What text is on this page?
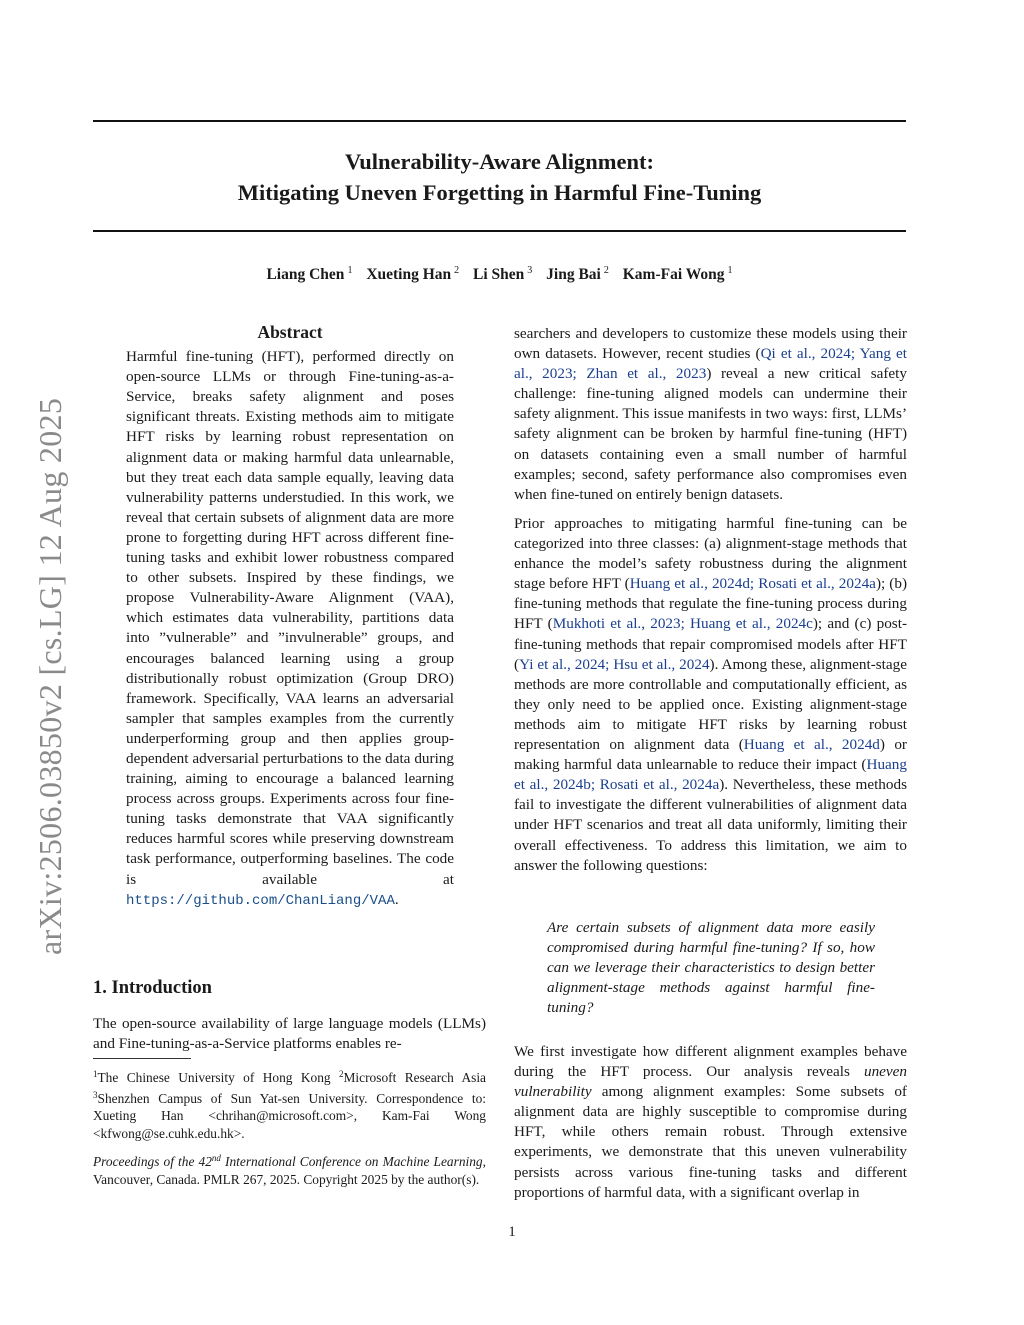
Vulnerability-Aware Alignment:
Mitigating Uneven Forgetting in Harmful Fine-Tuning
Liang Chen $^1$ Xueting Han $^2$ Li Shen $^3$ Jing Bai $^2$ Kam-Fai Wong $^1$
arXiv:2506.03850v2 [cs.LG] 12 Aug 2025
Abstract

Harmful fine-tuning (HFT), performed directly on open-source LLMs or through Fine-tuning-as-a-Service, breaks safety alignment and poses significant threats. Existing methods aim to mitigate HFT risks by learning robust representation on alignment data or making harmful data unlearnable, but they treat each data sample equally, leaving data vulnerability patterns understudied. In this work, we reveal that certain subsets of alignment data are more prone to forgetting during HFT across different fine-tuning tasks and exhibit lower robustness compared to other subsets. Inspired by these findings, we propose Vulnerability-Aware Alignment (VAA), which estimates data vulnerability, partitions data into ”vulnerable” and ”invulnerable” groups, and encourages balanced learning using a group distributionally robust optimization (Group DRO) framework. Specifically, VAA learns an adversarial sampler that samples examples from the currently underperforming group and then applies group-dependent adversarial perturbations to the data during training, aiming to encourage a balanced learning process across groups. Experiments across four fine-tuning tasks demonstrate that VAA significantly reduces harmful scores while preserving downstream task performance, outperforming baselines. The code is available at https://github.com/ChanLiang/VAA.

1. Introduction

The open-source availability of large language models (LLMs) and Fine-tuning-as-a-Service platforms enables re-

$^1$The Chinese University of Hong Kong $^2$Microsoft Research Asia $^3$Shenzhen Campus of Sun Yat-sen University. Correspondence to: Xueting Han <chrihan@microsoft.com>, Kam-Fai Wong <kfwong@se.cuhk.edu.hk>.

Proceedings of the 42nd International Conference on Machine Learning, Vancouver, Canada. PMLR 267, 2025. Copyright 2025 by the author(s).

searchers and developers to customize these models using their own datasets. However, recent studies (Qi et al., 2024; Yang et al., 2023; Zhan et al., 2023) reveal a new critical safety challenge: fine-tuning aligned models can undermine their safety alignment. This issue manifests in two ways: first, LLMs’ safety alignment can be broken by harmful fine-tuning (HFT) on datasets containing even a small number of harmful examples; second, safety performance also compromises even when fine-tuned on entirely benign datasets.

Prior approaches to mitigating harmful fine-tuning can be categorized into three classes: (a) alignment-stage methods that enhance the model’s safety robustness during the alignment stage before HFT (Huang et al., 2024d; Rosati et al., 2024a); (b) fine-tuning methods that regulate the fine-tuning process during HFT (Mukhoti et al., 2023; Huang et al., 2024c); and (c) post-fine-tuning methods that repair compromised models after HFT (Yi et al., 2024; Hsu et al., 2024). Among these, alignment-stage methods are more controllable and computationally efficient, as they only need to be applied once. Existing alignment-stage methods aim to mitigate HFT risks by learning robust representation on alignment data (Huang et al., 2024d) or making harmful data unlearnable to reduce their impact (Huang et al., 2024b; Rosati et al., 2024a). Nevertheless, these methods fail to investigate the different vulnerabilities of alignment data under HFT scenarios and treat all data uniformly, limiting their overall effectiveness. To address this limitation, we aim to answer the following questions:

Are certain subsets of alignment data more easily compromised during harmful fine-tuning? If so, how can we leverage their characteristics to design better alignment-stage methods against harmful fine-tuning?

We first investigate how different alignment examples behave during the HFT process. Our analysis reveals uneven vulnerability among alignment examples: Some subsets of alignment data are highly susceptible to compromise during HFT, while others remain robust. Through extensive experiments, we demonstrate that this uneven vulnerability persists across various fine-tuning tasks and different proportions of harmful data, with a significant overlap in

1
